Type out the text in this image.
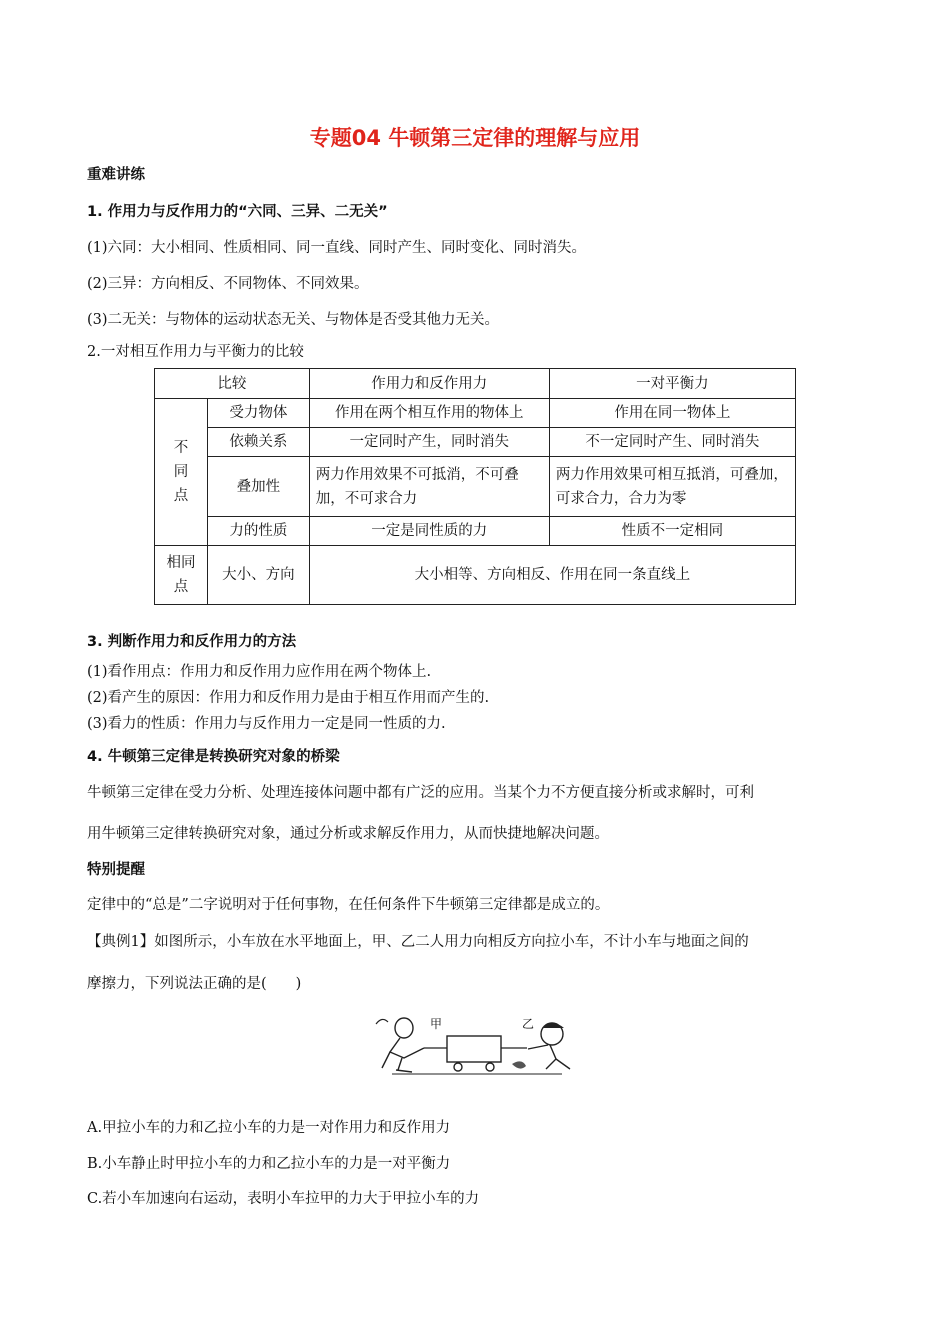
专题04 牛顿第三定律的理解与应用
重难讲练
1. 作用力与反作用力的“六同、三异、二无关”
(1)六同：大小相同、性质相同、同一直线、同时产生、同时变化、同时消失。
(2)三异：方向相反、不同物体、不同效果。
(3)二无关：与物体的运动状态无关、与物体是否受其他力无关。
2.一对相互作用力与平衡力的比较
比较		作用力和反作用力	一对平衡力
不同点	受力物体	作用在两个相互作用的物体上	作用在同一物体上
	依赖关系	一定同时产生，同时消失	不一定同时产生、同时消失
	叠加性	两力作用效果不可抵消，不可叠加，不可求合力	两力作用效果可相互抵消，可叠加，可求合力，合力为零
	力的性质	一定是同性质的力	性质不一定相同
相同点	大小、方向	大小相等、方向相反、作用在同一条直线上	
3. 判断作用力和反作用力的方法
(1)看作用点：作用力和反作用力应作用在两个物体上.
(2)看产生的原因：作用力和反作用力是由于相互作用而产生的.
(3)看力的性质：作用力与反作用力一定是同一性质的力.
4. 牛顿第三定律是转换研究对象的桥梁
牛顿第三定律在受力分析、处理连接体问题中都有广泛的应用。当某个力不方便直接分析或求解时，可利
用牛顿第三定律转换研究对象，通过分析或求解反作用力，从而快捷地解决问题。
特别提醒
定律中的“总是”二字说明对于任何事物，在任何条件下牛顿第三定律都是成立的。
【典例1】如图所示，小车放在水平地面上，甲、乙二人用力向相反方向拉小车，不计小车与地面之间的
摩擦力，下列说法正确的是(　　)
甲	乙
A.甲拉小车的力和乙拉小车的力是一对作用力和反作用力
B.小车静止时甲拉小车的力和乙拉小车的力是一对平衡力
C.若小车加速向右运动，表明小车拉甲的力大于甲拉小车的力
